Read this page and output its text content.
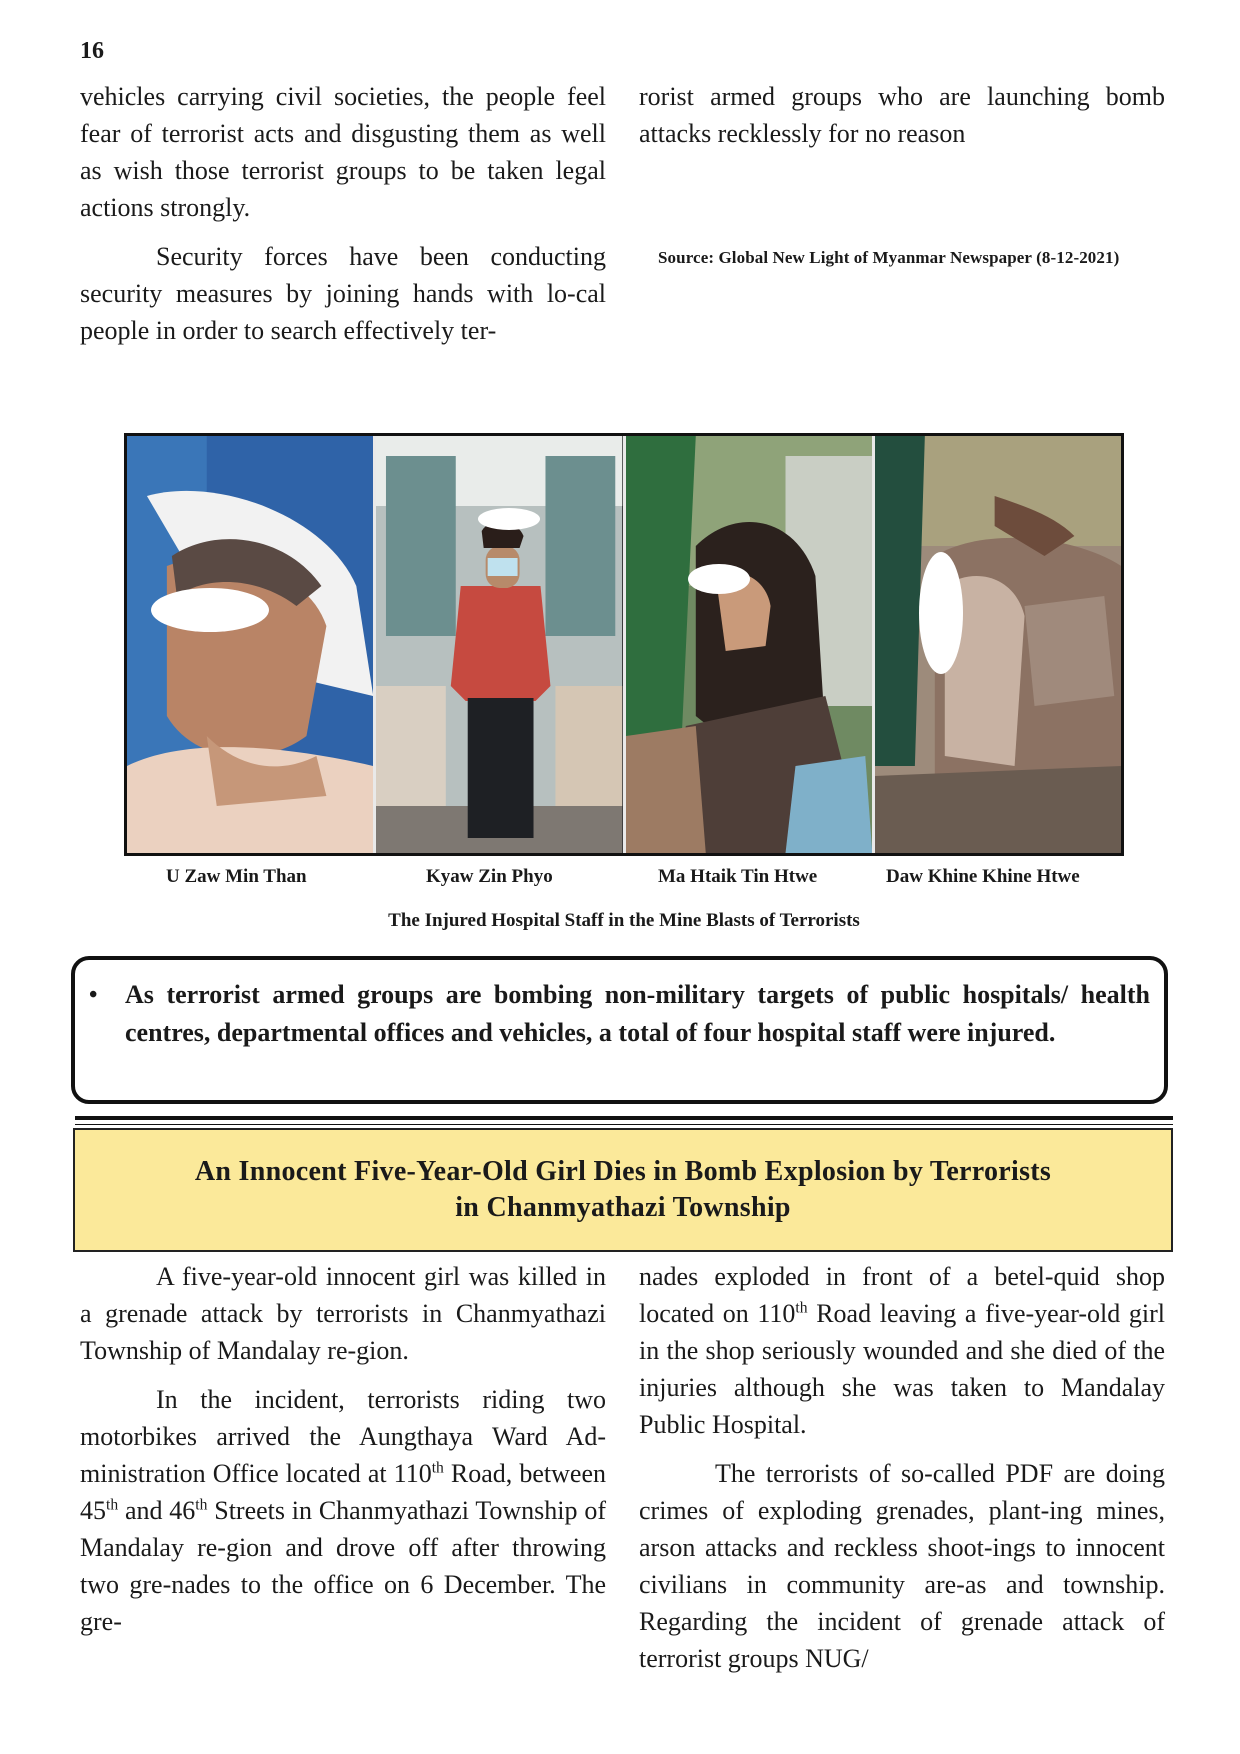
16

vehicles carrying civil societies, the people feel fear of terrorist acts and disgusting them as well as wish those terrorist groups to be taken legal actions strongly.

Security forces have been conducting security measures by joining hands with lo-cal people in order to search effectively ter-

rorist armed groups who are launching bomb attacks recklessly for no reason

Source: Global New Light of Myanmar Newspaper (8-12-2021)
U Zaw Min Than	Kyaw Zin Phyo	Ma Htaik Tin Htwe	Daw Khine Khine Htwe
The Injured Hospital Staff in the Mine Blasts of Terrorists
• As terrorist armed groups are bombing non-military targets of public hospitals/ health centres, departmental offices and vehicles, a total of four hospital staff were injured.
An Innocent Five-Year-Old Girl Dies in Bomb Explosion by Terrorists
in Chanmyathazi Township

A five-year-old innocent girl was killed in a grenade attack by terrorists in Chanmyathazi Township of Mandalay re-gion.

In the incident, terrorists riding two motorbikes arrived the Aungthaya Ward Ad-ministration Office located at 110th Road, between 45th and 46th Streets in Chanmyathazi Township of Mandalay re-gion and drove off after throwing two gre-nades to the office on 6 December. The gre-

nades exploded in front of a betel-quid shop located on 110th Road leaving a five-year-old girl in the shop seriously wounded and she died of the injuries although she was taken to Mandalay Public Hospital.

The terrorists of so-called PDF are doing crimes of exploding grenades, plant-ing mines, arson attacks and reckless shoot-ings to innocent civilians in community are-as and township. Regarding the incident of grenade attack of terrorist groups NUG/
